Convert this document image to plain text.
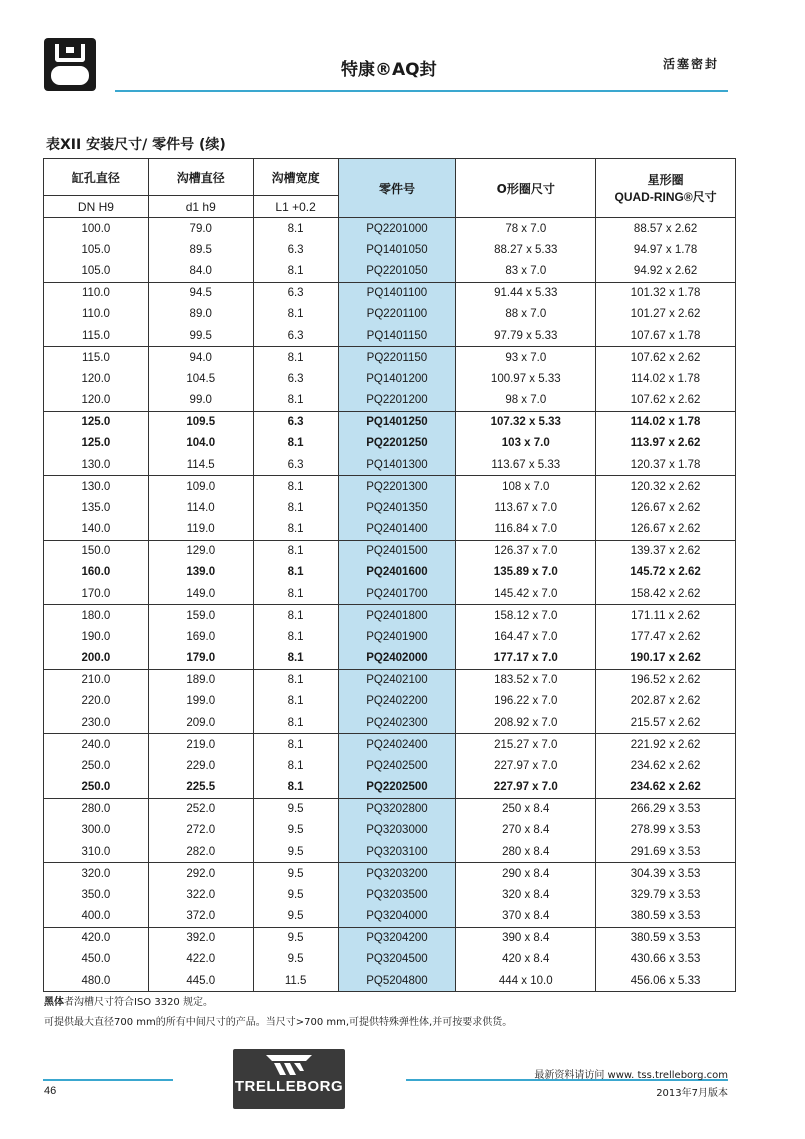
特康®AQ封	活塞密封
表XII 安装尺寸/ 零件号 (续)
缸孔直径	沟槽直径	沟槽宽度	零件号	O形圈尺寸	星形圈
QUAD-RING®尺寸

DN H9	d1 h9	L1 +0.2			
100.0	79.0	8.1	PQ2201000	78 x 7.0	88.57 x 2.62
105.0	89.5	6.3	PQ1401050	88.27 x 5.33	94.97 x 1.78
105.0	84.0	8.1	PQ2201050	83 x 7.0	94.92 x 2.62
110.0	94.5	6.3	PQ1401100	91.44 x 5.33	101.32 x 1.78
110.0	89.0	8.1	PQ2201100	88 x 7.0	101.27 x 2.62
115.0	99.5	6.3	PQ1401150	97.79 x 5.33	107.67 x 1.78
115.0	94.0	8.1	PQ2201150	93 x 7.0	107.62 x 2.62
120.0	104.5	6.3	PQ1401200	100.97 x 5.33	114.02 x 1.78
120.0	99.0	8.1	PQ2201200	98 x 7.0	107.62 x 2.62
125.0	109.5	6.3	PQ1401250	107.32 x 5.33	114.02 x 1.78
125.0	104.0	8.1	PQ2201250	103 x 7.0	113.97 x 2.62
130.0	114.5	6.3	PQ1401300	113.67 x 5.33	120.37 x 1.78
130.0	109.0	8.1	PQ2201300	108 x 7.0	120.32 x 2.62
135.0	114.0	8.1	PQ2401350	113.67 x 7.0	126.67 x 2.62
140.0	119.0	8.1	PQ2401400	116.84 x 7.0	126.67 x 2.62
150.0	129.0	8.1	PQ2401500	126.37 x 7.0	139.37 x 2.62
160.0	139.0	8.1	PQ2401600	135.89 x 7.0	145.72 x 2.62
170.0	149.0	8.1	PQ2401700	145.42 x 7.0	158.42 x 2.62
180.0	159.0	8.1	PQ2401800	158.12 x 7.0	171.11 x 2.62
190.0	169.0	8.1	PQ2401900	164.47 x 7.0	177.47 x 2.62
200.0	179.0	8.1	PQ2402000	177.17 x 7.0	190.17 x 2.62
210.0	189.0	8.1	PQ2402100	183.52 x 7.0	196.52 x 2.62
220.0	199.0	8.1	PQ2402200	196.22 x 7.0	202.87 x 2.62
230.0	209.0	8.1	PQ2402300	208.92 x 7.0	215.57 x 2.62
240.0	219.0	8.1	PQ2402400	215.27 x 7.0	221.92 x 2.62
250.0	229.0	8.1	PQ2402500	227.97 x 7.0	234.62 x 2.62
250.0	225.5	8.1	PQ2202500	227.97 x 7.0	234.62 x 2.62
280.0	252.0	9.5	PQ3202800	250 x 8.4	266.29 x 3.53
300.0	272.0	9.5	PQ3203000	270 x 8.4	278.99 x 3.53
310.0	282.0	9.5	PQ3203100	280 x 8.4	291.69 x 3.53
320.0	292.0	9.5	PQ3203200	290 x 8.4	304.39 x 3.53
350.0	322.0	9.5	PQ3203500	320 x 8.4	329.79 x 3.53
400.0	372.0	9.5	PQ3204000	370 x 8.4	380.59 x 3.53
420.0	392.0	9.5	PQ3204200	390 x 8.4	380.59 x 3.53
450.0	422.0	9.5	PQ3204500	420 x 8.4	430.66 x 3.53
480.0	445.0	11.5	PQ5204800	444 x 10.0	456.06 x 5.33
黑体者沟槽尺寸符合ISO 3320 规定。
可提供最大直径700 mm的所有中间尺寸的产品。当尺寸>700 mm,可提供特殊弹性体,并可按要求供货。
46	TRELLEBORG
最新资料请访问 www. tss.trelleborg.com
2013年7月版本
